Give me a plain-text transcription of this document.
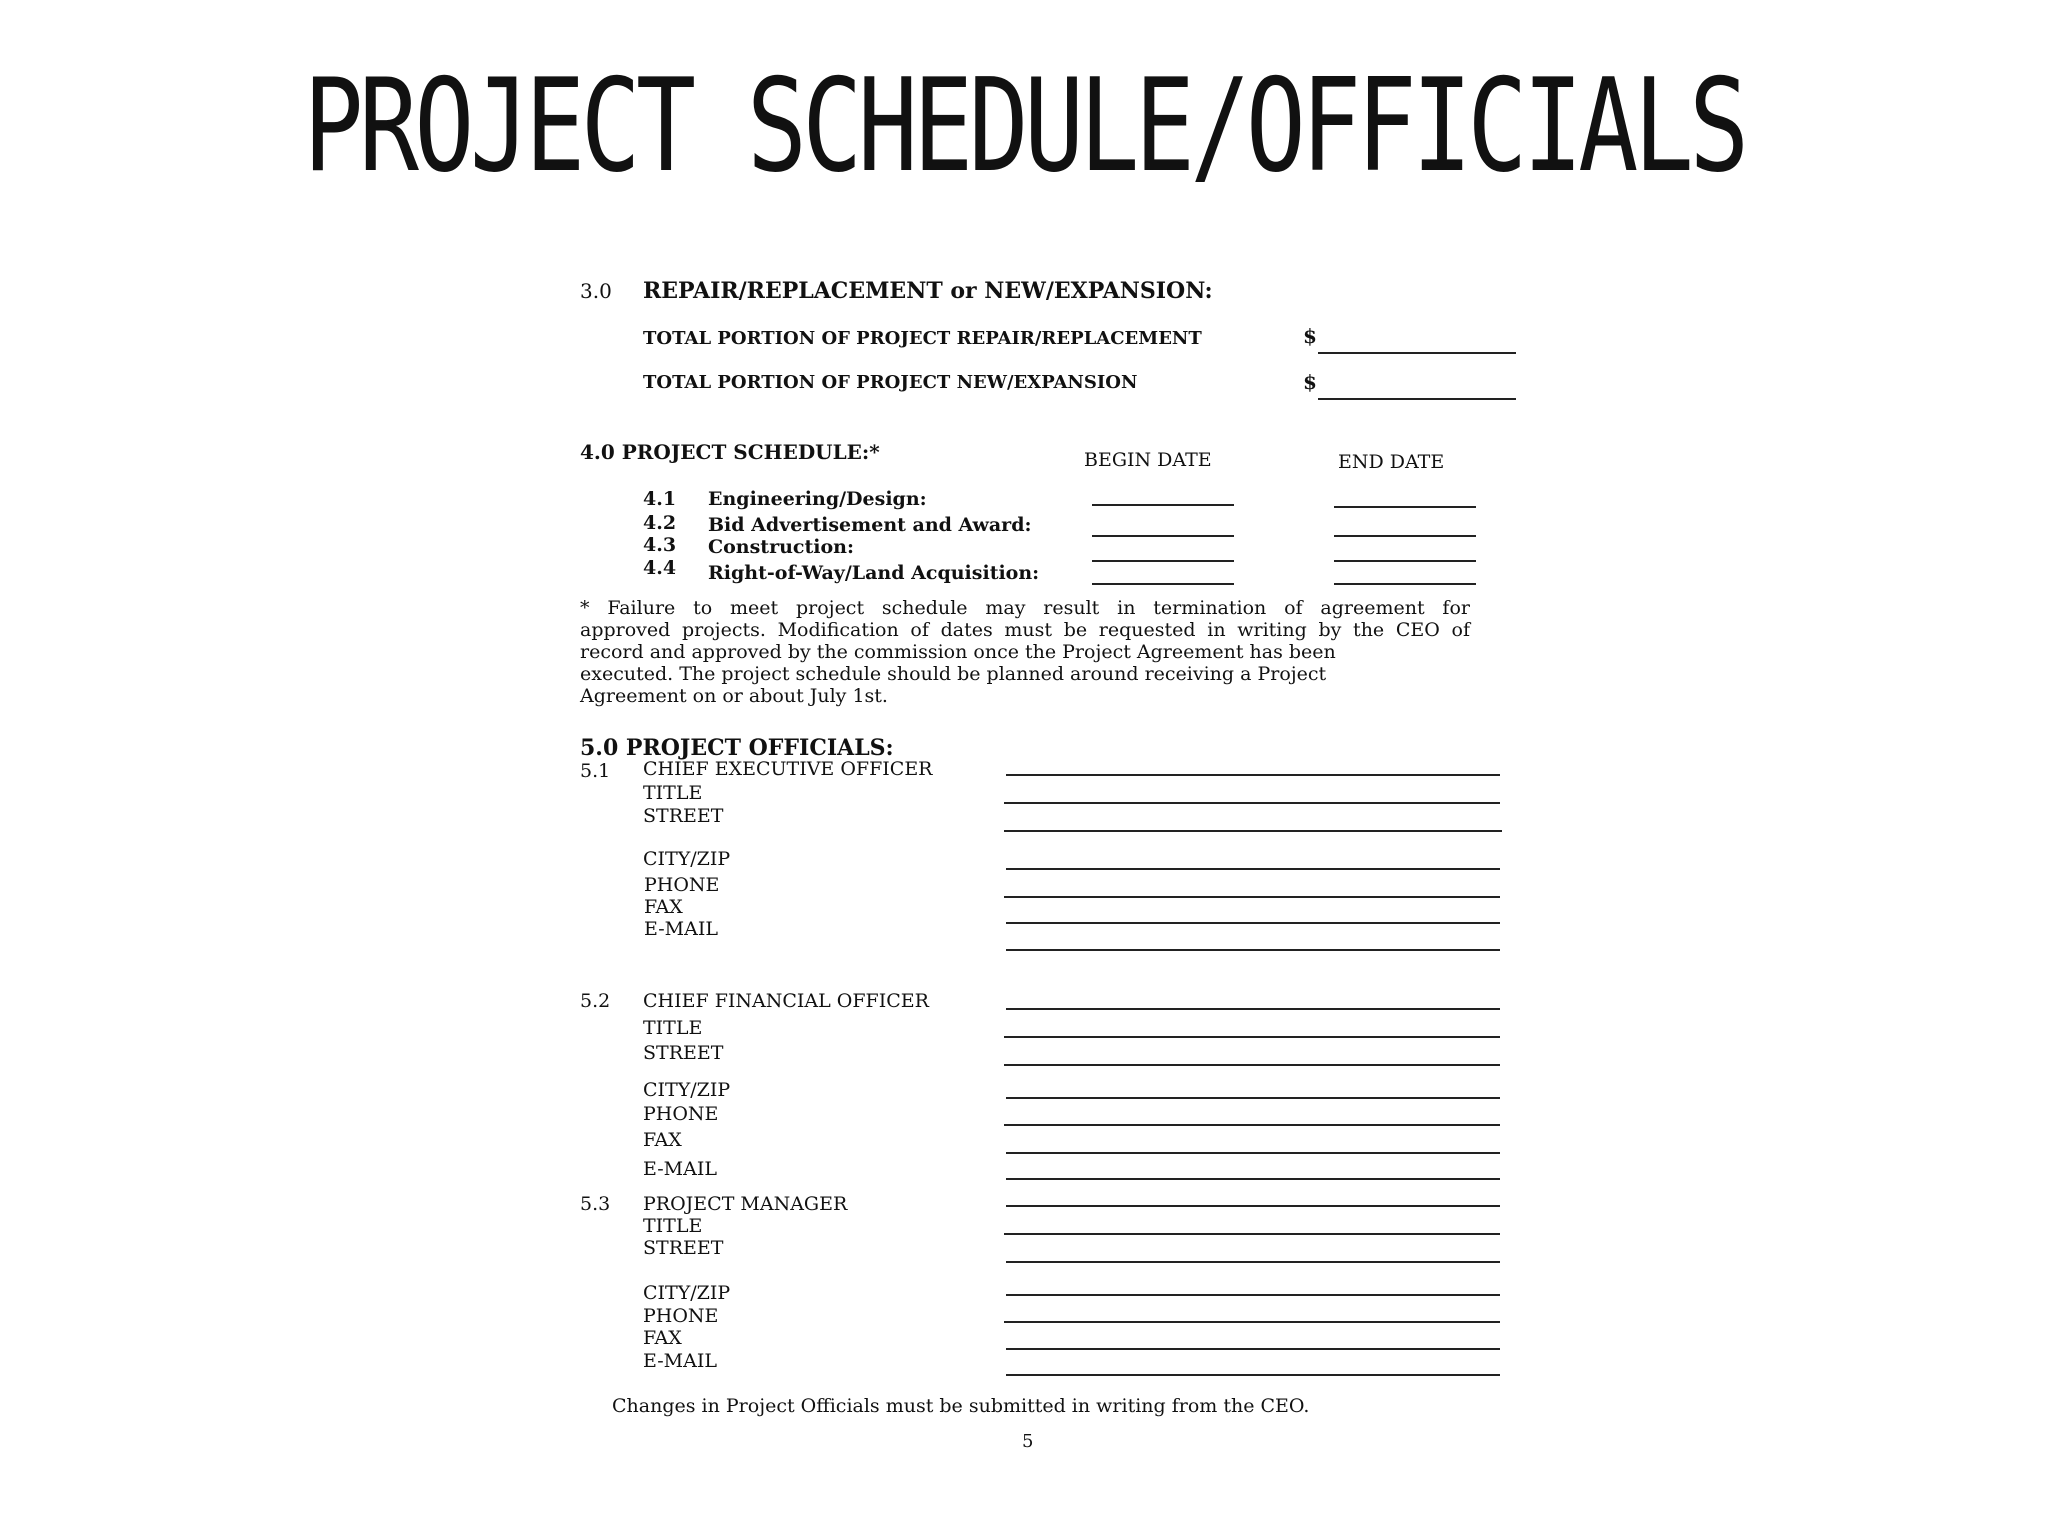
PROJECT SCHEDULE/OFFICIALS
3.0 REPAIR/REPLACEMENT or NEW/EXPANSION:
TOTAL PORTION OF PROJECT REPAIR/REPLACEMENT	$
TOTAL PORTION OF PROJECT NEW/EXPANSION	$
4.0 PROJECT SCHEDULE:*	BEGIN DATE	END DATE
4.1 Engineering/Design:
4.2 Bid Advertisement and Award:
4.3 Construction:
4.4 Right-of-Way/Land Acquisition:

* Failure to meet project schedule may result in termination of agreement for

approved projects. Modification of dates must be requested in writing by the CEO of

record and approved by the commission once the Project Agreement has been

executed. The project schedule should be planned around receiving a Project

Agreement on or about July 1st.

5.0 PROJECT OFFICIALS:
5.1 CHIEF EXECUTIVE OFFICER
TITLE
STREET
CITY/ZIP
PHONE
FAX
E-MAIL
5.2 CHIEF FINANCIAL OFFICER
TITLE
STREET
CITY/ZIP
PHONE
FAX
E-MAIL
5.3 PROJECT MANAGER
TITLE
STREET
CITY/ZIP
PHONE
FAX
E-MAIL
Changes in Project Officials must be submitted in writing from the CEO.
5
